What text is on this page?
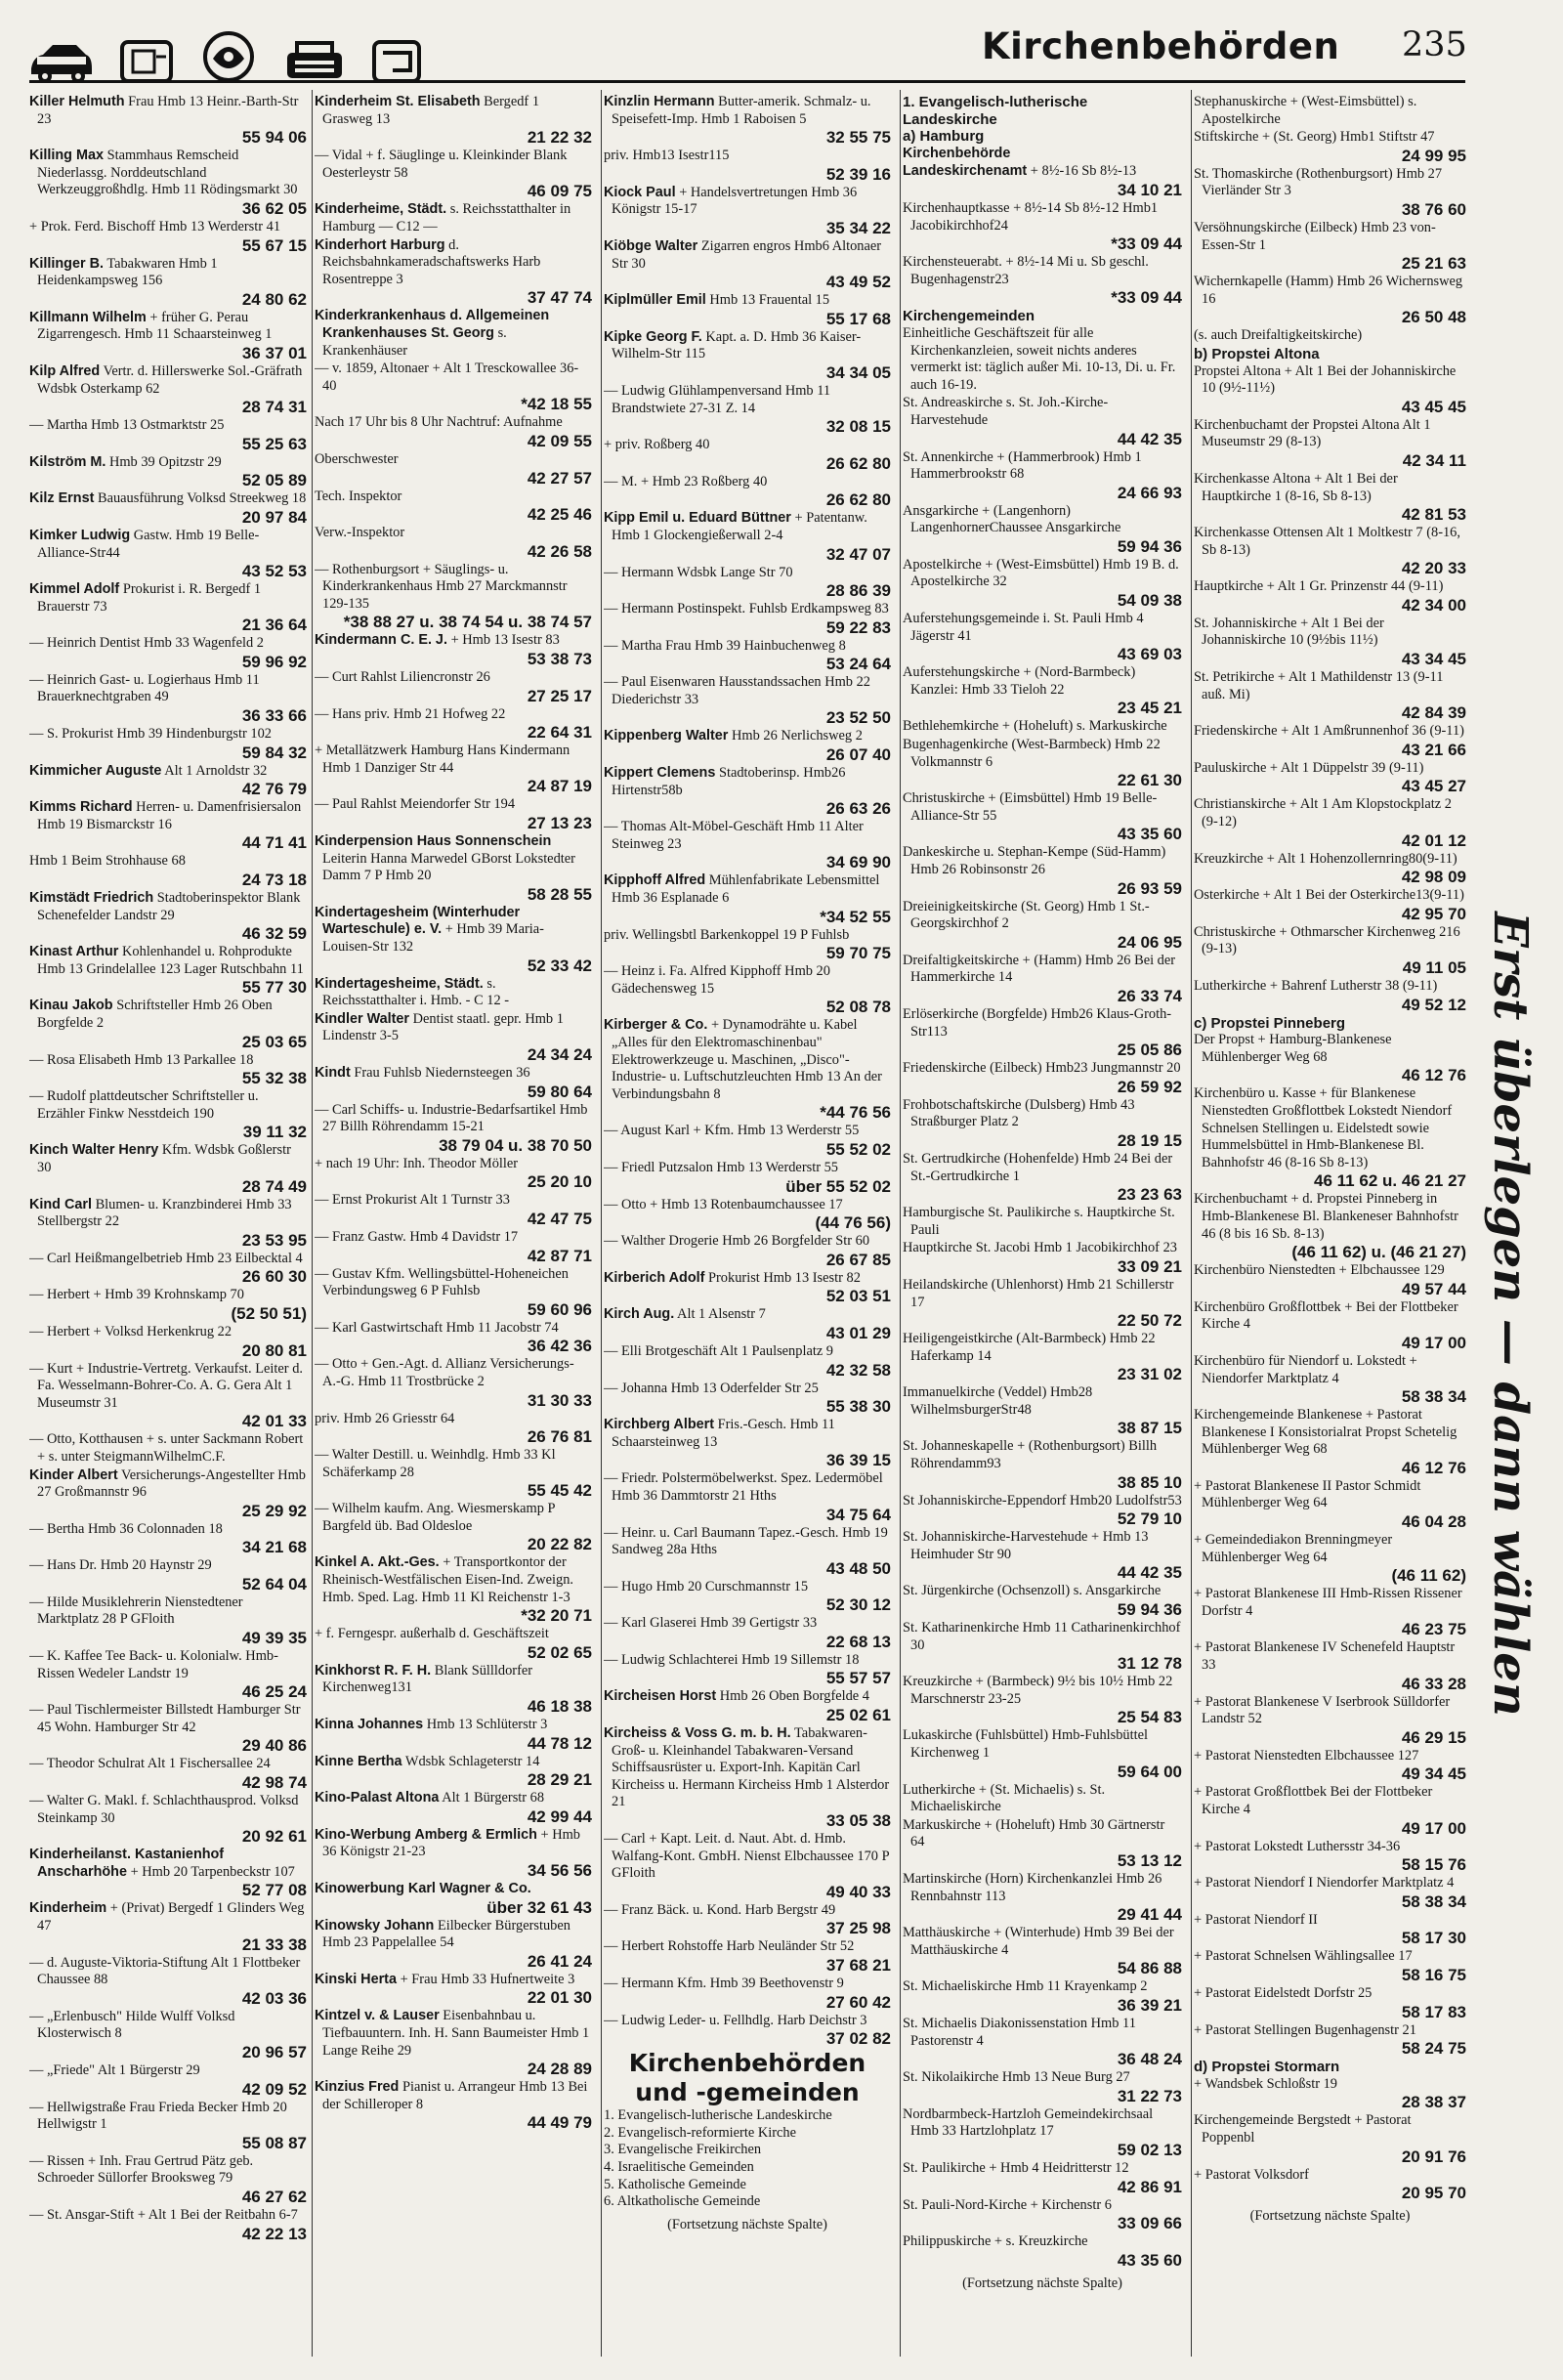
Kirchenbehörden 235
Killer Helmuth Frau Hmb 13 Heinr.-Barth-Str 23
55 94 06
Killing Max Stammhaus Remscheid Niederlassg. Norddeutschland Werkzeuggroßhdlg. Hmb 11 Rödingsmarkt 30
36 62 05
+ Prok. Ferd. Bischoff Hmb 13 Werderstr 41
55 67 15
Killinger B. Tabakwaren Hmb 1 Heidenkampsweg 156
24 80 62
Killmann Wilhelm + früher G. Perau Zigarrengesch. Hmb 11 Schaarsteinweg 1
36 37 01
Kilp Alfred Vertr. d. Hillerswerke Sol.-Gräfrath Wdsbk Osterkamp 62
28 74 31
— Martha Hmb 13 Ostmarktstr 25
55 25 63
Kilström M. Hmb 39 Opitzstr 29
52 05 89
Kilz Ernst Bauausführung Volksd Streekweg 18
20 97 84
Kimker Ludwig Gastw. Hmb 19 Belle-Alliance-Str44
43 52 53
Kimmel Adolf Prokurist i. R. Bergedf 1 Brauerstr 73
21 36 64
— Heinrich Dentist Hmb 33 Wagenfeld 2
59 96 92
— Heinrich Gast- u. Logierhaus Hmb 11 Brauerknechtgraben 49
36 33 66
— S. Prokurist Hmb 39 Hindenburgstr 102
59 84 32
Kimmicher Auguste Alt 1 Arnoldstr 32
42 76 79
Kimms Richard Herren- u. Damenfrisiersalon Hmb 19 Bismarckstr 16
44 71 41
Hmb 1 Beim Strohhause 68
24 73 18
Kimstädt Friedrich Stadtoberinspektor Blank Schenefelder Landstr 29
46 32 59
Kinast Arthur Kohlenhandel u. Rohprodukte Hmb 13 Grindelallee 123 Lager Rutschbahn 11
55 77 30
Kinau Jakob Schriftsteller Hmb 26 Oben Borgfelde 2
25 03 65
— Rosa Elisabeth Hmb 13 Parkallee 18
55 32 38
— Rudolf plattdeutscher Schriftsteller u. Erzähler Finkw Nesstdeich 190
39 11 32
Kinch Walter Henry Kfm. Wdsbk Goßlerstr 30
28 74 49
Kind Carl Blumen- u. Kranzbinderei Hmb 33 Stellbergstr 22
23 53 95
— Carl Heißmangelbetrieb Hmb 23 Eilbecktal 4
26 60 30
— Herbert + Hmb 39 Krohnskamp 70
(52 50 51)
— Herbert + Volksd Herkenkrug 22
20 80 81
— Kurt + Industrie-Vertretg. Verkaufst. Leiter d. Fa. Wesselmann-Bohrer-Co. A. G. Gera Alt 1 Museumstr 31
42 01 33
— Otto, Kotthausen + s. unter Sackmann Robert + s. unter SteigmannWilhelmC.F.
Kinder Albert Versicherungs-Angestellter Hmb 27 Großmannstr 96
25 29 92
— Bertha Hmb 36 Colonnaden 18
34 21 68
— Hans Dr. Hmb 20 Haynstr 29
52 64 04
— Hilde Musiklehrerin Nienstedtener Marktplatz 28 P GFloith
49 39 35
— K. Kaffee Tee Back- u. Kolonialw. Hmb-Rissen Wedeler Landstr 19
46 25 24
— Paul Tischlermeister Billstedt Hamburger Str 45 Wohn. Hamburger Str 42
29 40 86
— Theodor Schulrat Alt 1 Fischersallee 24
42 98 74
— Walter G. Makl. f. Schlachthausprod. Volksd Steinkamp 30
20 92 61
Kinderheilanst. Kastanienhof Anscharhöhe + Hmb 20 Tarpenbeckstr 107
52 77 08
Kinderheim + (Privat) Bergedf 1 Glinders Weg 47
21 33 38
— d. Auguste-Viktoria-Stiftung Alt 1 Flottbeker Chaussee 88
42 03 36
— „Erlenbusch" Hilde Wulff Volksd Klosterwisch 8
20 96 57
— „Friede" Alt 1 Bürgerstr 29
42 09 52
— Hellwigstraße Frau Frieda Becker Hmb 20 Hellwigstr 1
55 08 87
— Rissen + Inh. Frau Gertrud Pätz geb. Schroeder Süllorfer Brooksweg 79
46 27 62
— St. Ansgar-Stift + Alt 1 Bei der Reitbahn 6-7
42 22 13
Kinderheim St. Elisabeth Bergedf 1 Grasweg 13
21 22 32
— Vidal + f. Säuglinge u. Kleinkinder Blank Oesterleystr 58
46 09 75
Kinderheime, Städt. s. Reichsstatthalter in Hamburg — C12 —
Kinderhort Harburg d. Reichsbahnkameradschaftswerks Harb Rosentreppe 3
37 47 74
Kinderkrankenhaus d. Allgemeinen Krankenhauses St. Georg s. Krankenhäuser
— v. 1859, Altonaer + Alt 1 Tresckowallee 36-40
*42 18 55
Nach 17 Uhr bis 8 Uhr Nachtruf: Aufnahme
42 09 55
Oberschwester
42 27 57
Tech. Inspektor
42 25 46
Verw.-Inspektor
42 26 58
— Rothenburgsort + Säuglings- u. Kinderkrankenhaus Hmb 27 Marckmannstr 129-135
*38 88 27 u. 38 74 54 u. 38 74 57
Kindermann C. E. J. + Hmb 13 Isestr 83
53 38 73
— Curt Rahlst Liliencronstr 26
27 25 17
— Hans priv. Hmb 21 Hofweg 22
22 64 31
+ Metallätzwerk Hamburg Hans Kindermann Hmb 1 Danziger Str 44
24 87 19
— Paul Rahlst Meiendorfer Str 194
27 13 23
Kinderpension Haus Sonnenschein Leiterin Hanna Marwedel GBorst Lokstedter Damm 7 P Hmb 20
58 28 55
Kindertagesheim (Winterhuder Warteschule) e. V. + Hmb 39 Maria-Louisen-Str 132
52 33 42
Kindertagesheime, Städt. s. Reichsstatthalter i. Hmb. - C 12 -
Kindler Walter Dentist staatl. gepr. Hmb 1 Lindenstr 3-5
24 34 24
Kindt Frau Fuhlsb Niedernsteegen 36
59 80 64
— Carl Schiffs- u. Industrie-Bedarfsartikel Hmb 27 Billh Röhrendamm 15-21
38 79 04 u. 38 70 50
+ nach 19 Uhr: Inh. Theodor Möller
25 20 10
— Ernst Prokurist Alt 1 Turnstr 33
42 47 75
— Franz Gastw. Hmb 4 Davidstr 17
42 87 71
— Gustav Kfm. Wellingsbüttel-Hoheneichen Verbindungsweg 6 P Fuhlsb
59 60 96
— Karl Gastwirtschaft Hmb 11 Jacobstr 74
36 42 36
— Otto + Gen.-Agt. d. Allianz Versicherungs-A.-G. Hmb 11 Trostbrücke 2
31 30 33
priv. Hmb 26 Griesstr 64
26 76 81
— Walter Destill. u. Weinhdlg. Hmb 33 Kl Schäferkamp 28
55 45 42
— Wilhelm kaufm. Ang. Wiesmerskamp P Bargfeld üb. Bad Oldesloe
20 22 82
Kinkel A. Akt.-Ges. + Transportkontor der Rheinisch-Westfälischen Eisen-Ind. Zweign. Hmb. Sped. Lag. Hmb 11 Kl Reichenstr 1-3
*32 20 71
+ f. Ferngespr. außerhalb d. Geschäftszeit
52 02 65
Kinkhorst R. F. H. Blank Süllldorfer Kirchenweg131
46 18 38
Kinna Johannes Hmb 13 Schlüterstr 3
44 78 12
Kinne Bertha Wdsbk Schlageterstr 14
28 29 21
Kino-Palast Altona Alt 1 Bürgerstr 68
42 99 44
Kino-Werbung Amberg & Ermlich + Hmb 36 Königstr 21-23
34 56 56
Kinowerbung Karl Wagner & Co.
über 32 61 43
Kinowsky Johann Eilbecker Bürgerstuben Hmb 23 Pappelallee 54
26 41 24
Kinski Herta + Frau Hmb 33 Hufnertweite 3
22 01 30
Kintzel v. & Lauser Eisenbahnbau u. Tiefbauuntern. Inh. H. Sann Baumeister Hmb 1 Lange Reihe 29
24 28 89
Kinzius Fred Pianist u. Arrangeur Hmb 13 Bei der Schilleroper 8
44 49 79
Kinzlin Hermann Butter-amerik. Schmalz- u. Speisefett-Imp. Hmb 1 Raboisen 5
32 55 75
priv. Hmb13 Isestr115
52 39 16
Kiock Paul + Handelsvertretungen Hmb 36 Königstr 15-17
35 34 22
Kiöbge Walter Zigarren engros Hmb6 Altonaer Str 30
43 49 52
Kiplmüller Emil Hmb 13 Frauental 15
55 17 68
Kipke Georg F. Kapt. a. D. Hmb 36 Kaiser-Wilhelm-Str 115
34 34 05
— Ludwig Glühlampenversand Hmb 11 Brandstwiete 27-31 Z. 14
32 08 15
+ priv. Roßberg 40
26 62 80
— M. + Hmb 23 Roßberg 40
26 62 80
Kipp Emil u. Eduard Büttner + Patentanw. Hmb 1 Glockengießerwall 2-4
32 47 07
— Hermann Wdsbk Lange Str 70
28 86 39
— Hermann Postinspekt. Fuhlsb Erdkampsweg 83
59 22 83
— Martha Frau Hmb 39 Hainbuchenweg 8
53 24 64
— Paul Eisenwaren Hausstandssachen Hmb 22 Diederichstr 33
23 52 50
Kippenberg Walter Hmb 26 Nerlichsweg 2
26 07 40
Kippert Clemens Stadtoberinsp. Hmb26 Hirtenstr58b
26 63 26
— Thomas Alt-Möbel-Geschäft Hmb 11 Alter Steinweg 23
34 69 90
Kipphoff Alfred Mühlenfabrikate Lebensmittel Hmb 36 Esplanade 6
*34 52 55
priv. Wellingsbtl Barkenkoppel 19 P Fuhlsb
59 70 75
— Heinz i. Fa. Alfred Kipphoff Hmb 20 Gädechensweg 15
52 08 78
Kirberger & Co. + Dynamodrähte u. Kabel „Alles für den Elektromaschinenbau" Elektrowerkzeuge u. Maschinen, „Disco"-Industrie- u. Luftschutzleuchten Hmb 13 An der Verbindungsbahn 8
*44 76 56
— August Karl + Kfm. Hmb 13 Werderstr 55
55 52 02
— Friedl Putzsalon Hmb 13 Werderstr 55
über 55 52 02
— Otto + Hmb 13 Rotenbaumchaussee 17
(44 76 56)
— Walther Drogerie Hmb 26 Borgfelder Str 60
26 67 85
Kirberich Adolf Prokurist Hmb 13 Isestr 82
52 03 51
Kirch Aug. Alt 1 Alsenstr 7
43 01 29
— Elli Brotgeschäft Alt 1 Paulsenplatz 9
42 32 58
— Johanna Hmb 13 Oderfelder Str 25
55 38 30
Kirchberg Albert Fris.-Gesch. Hmb 11 Schaarsteinweg 13
36 39 15
— Friedr. Polstermöbelwerkst. Spez. Ledermöbel Hmb 36 Dammtorstr 21 Hths
34 75 64
— Heinr. u. Carl Baumann Tapez.-Gesch. Hmb 19 Sandweg 28a Hths
43 48 50
— Hugo Hmb 20 Curschmannstr 15
52 30 12
— Karl Glaserei Hmb 39 Gertigstr 33
22 68 13
— Ludwig Schlachterei Hmb 19 Sillemstr 18
55 57 57
Kircheisen Horst Hmb 26 Oben Borgfelde 4
25 02 61
Kircheiss & Voss G. m. b. H. Tabakwaren-Groß- u. Kleinhandel Tabakwaren-Versand Schiffsausrüster u. Export-Inh. Kapitän Carl Kircheiss u. Hermann Kircheiss Hmb 1 Alsterdor 21
33 05 38
— Carl + Kapt. Leit. d. Naut. Abt. d. Hmb. Walfang-Kont. GmbH. Nienst Elbchaussee 170 P GFloith
49 40 33
— Franz Bäck. u. Kond. Harb Bergstr 49
37 25 98
— Herbert Rohstoffe Harb Neuländer Str 52
37 68 21
— Hermann Kfm. Hmb 39 Beethovenstr 9
27 60 42
— Ludwig Leder- u. Fellhdlg. Harb Deichstr 3
37 02 82
Kirchenbehörden und -gemeinden
1. Evangelisch-lutherische Landeskirche
2. Evangelisch-reformierte Kirche
3. Evangelische Freikirchen
4. Israelitische Gemeinden
5. Katholische Gemeinde
6. Altkatholische Gemeinde
(Fortsetzung nächste Spalte)
1. Evangelisch-lutherische Landeskirche
a) Hamburg
Kirchenbehörde
Landeskirchenamt + 8½-16 Sb 8½-13
34 10 21
Kirchenhauptkasse + 8½-14 Sb 8½-12 Hmb1 Jacobikirchhof24
*33 09 44
Kirchensteuerabt. + 8½-14 Mi u. Sb geschl. Bugenhagenstr23
*33 09 44
Kirchengemeinden
Einheitliche Geschäftszeit für alle Kirchenkanzleien, soweit nichts anderes vermerkt ist: täglich außer Mi. 10-13, Di. u. Fr. auch 16-19.
St. Andreaskirche s. St. Joh.-Kirche-Harvestehude
44 42 35
St. Annenkirche + (Hammerbrook) Hmb 1 Hammerbrookstr 68
24 66 93
Ansgarkirche + (Langenhorn) LangenhornerChaussee Ansgarkirche
59 94 36
Apostelkirche + (West-Eimsbüttel) Hmb 19 B. d. Apostelkirche 32
54 09 38
Auferstehungsgemeinde i. St. Pauli Hmb 4 Jägerstr 41
43 69 03
Auferstehungskirche + (Nord-Barmbeck) Kanzlei: Hmb 33 Tieloh 22
23 45 21
Bethlehemkirche + (Hoheluft) s. Markuskirche
Bugenhagenkirche (West-Barmbeck) Hmb 22 Volkmannstr 6
22 61 30
Christuskirche + (Eimsbüttel) Hmb 19 Belle-Alliance-Str 55
43 35 60
Dankeskirche u. Stephan-Kempe (Süd-Hamm) Hmb 26 Robinsonstr 26
26 93 59
Dreieinigkeitskirche (St. Georg) Hmb 1 St.-Georgskirchhof 2
24 06 95
Dreifaltigkeitskirche + (Hamm) Hmb 26 Bei der Hammerkirche 14
26 33 74
Erlöserkirche (Borgfelde) Hmb26 Klaus-Groth-Str113
25 05 86
Friedenskirche (Eilbeck) Hmb23 Jungmannstr 20
26 59 92
Frohbotschaftskirche (Dulsberg) Hmb 43 Straßburger Platz 2
28 19 15
St. Gertrudkirche (Hohenfelde) Hmb 24 Bei der St.-Gertrudkirche 1
23 23 63
Hamburgische St. Paulikirche s. Hauptkirche St. Pauli
Hauptkirche St. Jacobi Hmb 1 Jacobikirchhof 23
33 09 21
Heilandskirche (Uhlenhorst) Hmb 21 Schillerstr 17
22 50 72
Heiligengeistkirche (Alt-Barmbeck) Hmb 22 Haferkamp 14
23 31 02
Immanuelkirche (Veddel) Hmb28 WilhelmsburgerStr48
38 87 15
St. Johanneskapelle + (Rothenburgsort) Billh Röhrendamm93
38 85 10
St Johanniskirche-Eppendorf Hmb20 Ludolfstr53
52 79 10
St. Johanniskirche-Harvestehude + Hmb 13 Heimhuder Str 90
44 42 35
St. Jürgenkirche (Ochsenzoll) s. Ansgarkirche
59 94 36
St. Katharinenkirche Hmb 11 Catharinenkirchhof 30
31 12 78
Kreuzkirche + (Barmbeck) 9½ bis 10½ Hmb 22 Marschnerstr 23-25
25 54 83
Lukaskirche (Fuhlsbüttel) Hmb-Fuhlsbüttel Kirchenweg 1
59 64 00
Lutherkirche + (St. Michaelis) s. St. Michaeliskirche
Markuskirche + (Hoheluft) Hmb 30 Gärtnerstr 64
53 13 12
Martinskirche (Horn) Kirchenkanzlei Hmb 26 Rennbahnstr 113
29 41 44
Matthäuskirche + (Winterhude) Hmb 39 Bei der Matthäuskirche 4
54 86 88
St. Michaeliskirche Hmb 11 Krayenkamp 2
36 39 21
St. Michaelis Diakonissenstation Hmb 11 Pastorenstr 4
36 48 24
St. Nikolaikirche Hmb 13 Neue Burg 27
31 22 73
Nordbarmbeck-Hartzloh Gemeindekirchsaal Hmb 33 Hartzlohplatz 17
59 02 13
St. Paulikirche + Hmb 4 Heidritterstr 12
42 86 91
St. Pauli-Nord-Kirche + Kirchenstr 6
33 09 66
Philippuskirche + s. Kreuzkirche
43 35 60
(Fortsetzung nächste Spalte)
Stephanuskirche + (West-Eimsbüttel) s. Apostelkirche
Stiftskirche + (St. Georg) Hmb1 Stiftstr 47
24 99 95
St. Thomaskirche (Rothenburgsort) Hmb 27 Vierländer Str 3
38 76 60
Versöhnungskirche (Eilbeck) Hmb 23 von-Essen-Str 1
25 21 63
Wichernkapelle (Hamm) Hmb 26 Wichernsweg 16
26 50 48
(s. auch Dreifaltigkeitskirche)
b) Propstei Altona
Propstei Altona + Alt 1 Bei der Johanniskirche 10 (9½-11½)
43 45 45
Kirchenbuchamt der Propstei Altona Alt 1 Museumstr 29 (8-13)
42 34 11
Kirchenkasse Altona + Alt 1 Bei der Hauptkirche 1 (8-16, Sb 8-13)
42 81 53
Kirchenkasse Ottensen Alt 1 Moltkestr 7 (8-16, Sb 8-13)
42 20 33
Hauptkirche + Alt 1 Gr. Prinzenstr 44 (9-11)
42 34 00
St. Johanniskirche + Alt 1 Bei der Johanniskirche 10 (9½bis 11½)
43 34 45
St. Petrikirche + Alt 1 Mathildenstr 13 (9-11 auß. Mi)
42 84 39
Friedenskirche + Alt 1 Amßrunnenhof 36 (9-11)
43 21 66
Pauluskirche + Alt 1 Düppelstr 39 (9-11)
43 45 27
Christianskirche + Alt 1 Am Klopstockplatz 2 (9-12)
42 01 12
Kreuzkirche + Alt 1 Hohenzollernring80(9-11)
42 98 09
Osterkirche + Alt 1 Bei der Osterkirche13(9-11)
42 95 70
Christuskirche + Othmarscher Kirchenweg 216 (9-13)
49 11 05
Lutherkirche + Bahrenf Lutherstr 38 (9-11)
49 52 12
c) Propstei Pinneberg
Der Propst + Hamburg-Blankenese Mühlenberger Weg 68
46 12 76
Kirchenbüro u. Kasse + für Blankenese Nienstedten Großflottbek Lokstedt Niendorf Schnelsen Stellingen u. Eidelstedt sowie Hummelsbüttel in Hmb-Blankenese Bl. Bahnhofstr 46 (8-16 Sb 8-13)
46 11 62 u. 46 21 27
Kirchenbuchamt + d. Propstei Pinneberg in Hmb-Blankenese Bl. Blankeneser Bahnhofstr 46 (8 bis 16 Sb. 8-13)
(46 11 62) u. (46 21 27)
Kirchenbüro Nienstedten + Elbchaussee 129
49 57 44
Kirchenbüro Großflottbek + Bei der Flottbeker Kirche 4
49 17 00
Kirchenbüro für Niendorf u. Lokstedt + Niendorfer Marktplatz 4
58 38 34
Kirchengemeinde Blankenese + Pastorat Blankenese I Konsistorialrat Propst Schetelig Mühlenberger Weg 68
46 12 76
+ Pastorat Blankenese II Pastor Schmidt Mühlenberger Weg 64
46 04 28
+ Gemeindediakon Brenningmeyer Mühlenberger Weg 64
(46 11 62)
+ Pastorat Blankenese III Hmb-Rissen Rissener Dorfstr 4
46 23 75
+ Pastorat Blankenese IV Schenefeld Hauptstr 33
46 33 28
+ Pastorat Blankenese V Iserbrook Sülldorfer Landstr 52
46 29 15
+ Pastorat Nienstedten Elbchaussee 127
49 34 45
+ Pastorat Großflottbek Bei der Flottbeker Kirche 4
49 17 00
+ Pastorat Lokstedt Luthersstr 34-36
58 15 76
+ Pastorat Niendorf I Niendorfer Marktplatz 4
58 38 34
+ Pastorat Niendorf II
58 17 30
+ Pastorat Schnelsen Wählingsallee 17
58 16 75
+ Pastorat Eidelstedt Dorfstr 25
58 17 83
+ Pastorat Stellingen Bugenhagenstr 21
58 24 75
d) Propstei Stormarn
+ Wandsbek Schloßstr 19
28 38 37
Kirchengemeinde Bergstedt + Pastorat Poppenbl
20 91 76
+ Pastorat Volksdorf
20 95 70
(Fortsetzung nächste Spalte)
Erst überlegen — dann wählen
